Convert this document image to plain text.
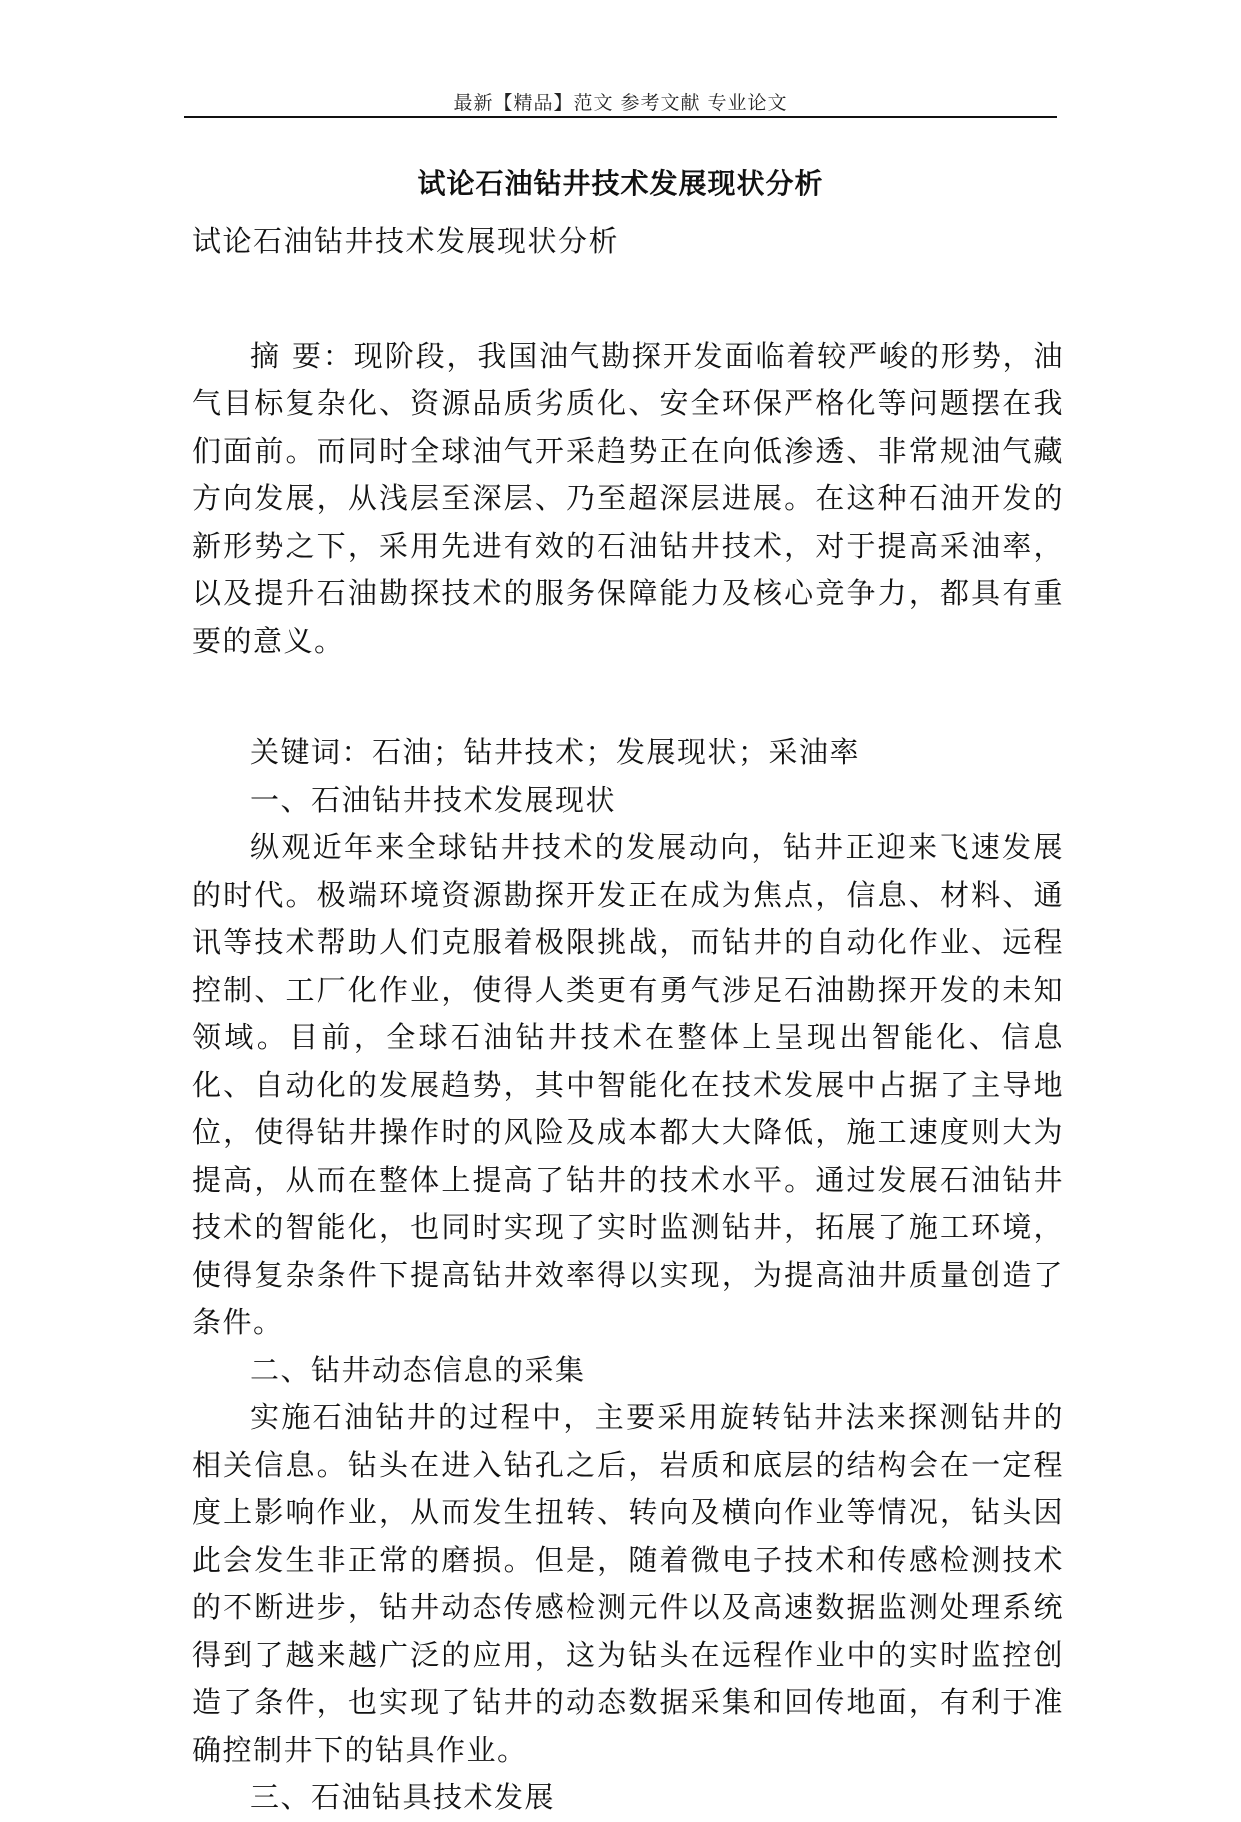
最新【精品】范文 参考文献 专业论文
试论石油钻井技术发展现状分析

试论石油钻井技术发展现状分析

摘 要：现阶段，我国油气勘探开发面临着较严峻的形势，油气目标复杂化、资源品质劣质化、安全环保严格化等问题摆在我们面前。而同时全球油气开采趋势正在向低渗透、非常规油气藏方向发展，从浅层至深层、乃至超深层进展。在这种石油开发的新形势之下，采用先进有效的石油钻井技术，对于提高采油率，以及提升石油勘探技术的服务保障能力及核心竞争力，都具有重要的意义。

关键词：石油；钻井技术；发展现状；采油率

一、石油钻井技术发展现状

纵观近年来全球钻井技术的发展动向，钻井正迎来飞速发展的时代。极端环境资源勘探开发正在成为焦点，信息、材料、通讯等技术帮助人们克服着极限挑战，而钻井的自动化作业、远程控制、工厂化作业，使得人类更有勇气涉足石油勘探开发的未知领域。目前，全球石油钻井技术在整体上呈现出智能化、信息化、自动化的发展趋势，其中智能化在技术发展中占据了主导地位，使得钻井操作时的风险及成本都大大降低，施工速度则大为提高，从而在整体上提高了钻井的技术水平。通过发展石油钻井技术的智能化，也同时实现了实时监测钻井，拓展了施工环境，使得复杂条件下提高钻井效率得以实现，为提高油井质量创造了条件。

二、钻井动态信息的采集

实施石油钻井的过程中，主要采用旋转钻井法来探测钻井的相关信息。钻头在进入钻孔之后，岩质和底层的结构会在一定程度上影响作业，从而发生扭转、转向及横向作业等情况，钻头因此会发生非正常的磨损。但是，随着微电子技术和传感检测技术的不断进步，钻井动态传感检测元件以及高速数据监测处理系统得到了越来越广泛的应用，这为钻头在远程作业中的实时监控创造了条件，也实现了钻井的动态数据采集和回传地面，有利于准确控制井下的钻具作业。

三、石油钻具技术发展
